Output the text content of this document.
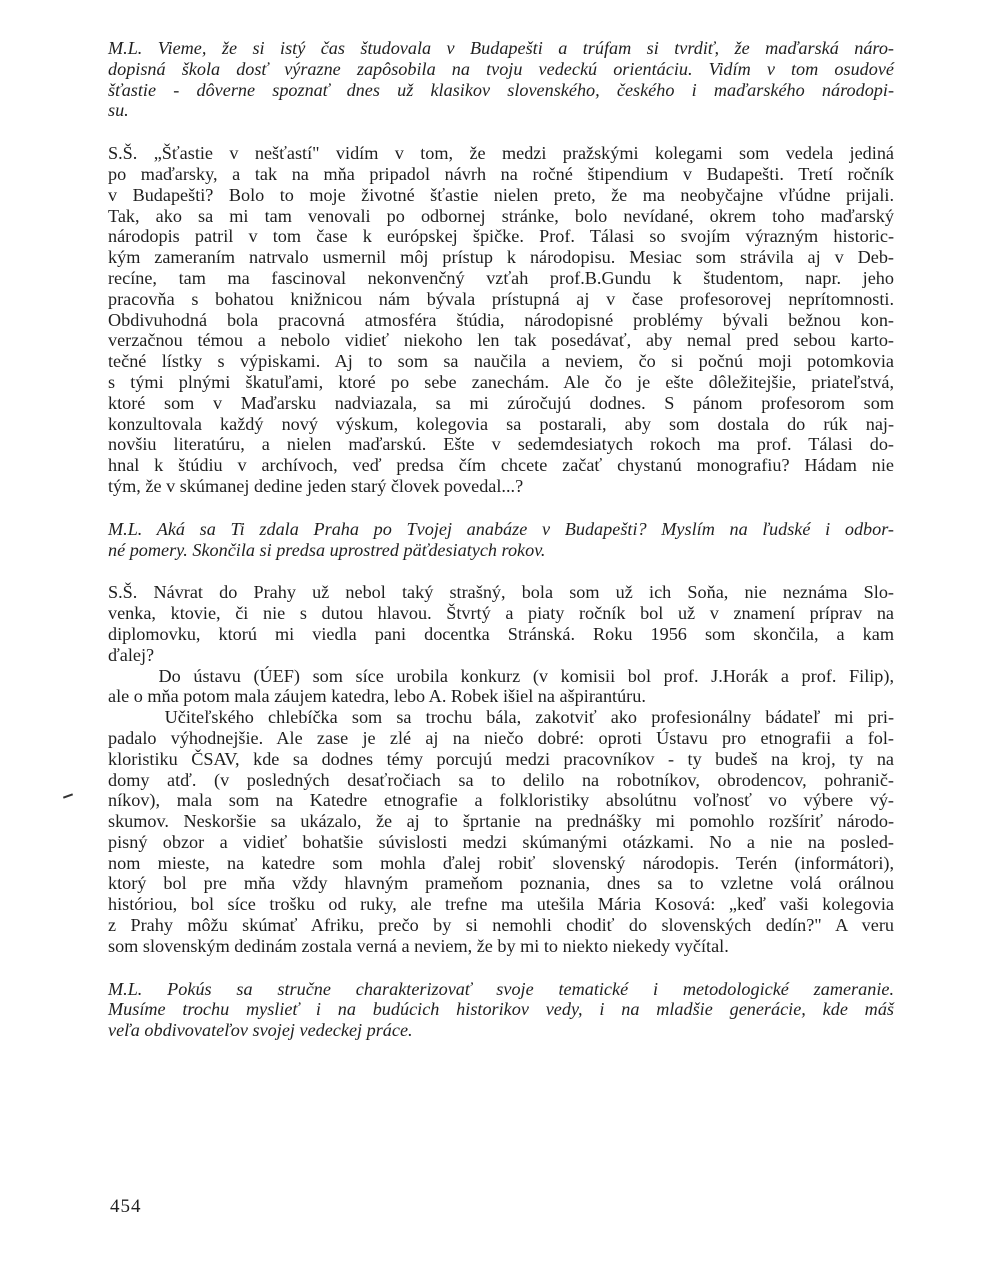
M.L. Vieme, že si istý čas študovala v Budapešti a trúfam si tvrdiť, že maďarská náro-
dopisná škola dosť výrazne zapôsobila na tvoju vedeckú orientáciu. Vidím v tom osudové
šťastie - dôverne spoznať dnes už klasikov slovenského, českého i maďarského národopi-
su.
S.Š. „Šťastie v nešťastí" vidím v tom, že medzi pražskými kolegami som vedela jediná
po maďarsky, a tak na mňa pripadol návrh na ročné štipendium v Budapešti. Tretí ročník
v Budapešti? Bolo to moje životné šťastie nielen preto, že ma neobyčajne vľúdne prijali.
Tak, ako sa mi tam venovali po odbornej stránke, bolo nevídané, okrem toho maďarský
národopis patril v tom čase k európskej špičke. Prof. Tálasi so svojím výrazným historic-
kým zameraním natrvalo usmernil môj prístup k národopisu. Mesiac som strávila aj v Deb-
recíne, tam ma fascinoval nekonvenčný vzťah prof.B.Gundu k študentom, napr. jeho
pracovňa s bohatou knižnicou nám bývala prístupná aj v čase profesorovej neprítomnosti.
Obdivuhodná bola pracovná atmosféra štúdia, národopisné problémy bývali bežnou kon-
verzačnou témou a nebolo vidieť niekoho len tak posedávať, aby nemal pred sebou karto-
tečné lístky s výpiskami. Aj to som sa naučila a neviem, čo si počnú moji potomkovia
s tými plnými škatuľami, ktoré po sebe zanechám. Ale čo je ešte dôležitejšie, priateľstvá,
ktoré som v Maďarsku nadviazala, sa mi zúročujú dodnes. S pánom profesorom som
konzultovala každý nový výskum, kolegovia sa postarali, aby som dostala do rúk naj-
novšiu literatúru, a nielen maďarskú. Ešte v sedemdesiatych rokoch ma prof. Tálasi do-
hnal k štúdiu v archívoch, veď predsa čím chcete začať chystanú monografiu? Hádam nie
tým, že v skúmanej dedine jeden starý človek povedal...?
M.L. Aká sa Ti zdala Praha po Tvojej anabáze v Budapešti? Myslím na ľudské i odbor-
né pomery. Skončila si predsa uprostred päťdesiatych rokov.
S.Š. Návrat do Prahy už nebol taký strašný, bola som už ich Soňa, nie neznáma Slo-
venka, ktovie, či nie s dutou hlavou. Štvrtý a piaty ročník bol už v znamení príprav na
diplomovku, ktorú mi viedla pani docentka Stránská. Roku 1956 som skončila, a kam
ďalej?
Do ústavu (ÚEF) som síce urobila konkurz (v komisii bol prof. J.Horák a prof. Filip),
ale o mňa potom mala záujem katedra, lebo A. Robek išiel na ašpirantúru.
Učiteľského chlebíčka som sa trochu bála, zakotviť ako profesionálny bádateľ mi pri-
padalo výhodnejšie. Ale zase je zlé aj na niečo dobré: oproti Ústavu pro etnografii a fol-
kloristiku ČSAV, kde sa dodnes témy porcujú medzi pracovníkov - ty budeš na kroj, ty na
domy atď. (v posledných desaťročiach sa to delilo na robotníkov, obrodencov, pohranič-
níkov), mala som na Katedre etnografie a folkloristiky absolútnu voľnosť vo výbere vý-
skumov. Neskoršie sa ukázalo, že aj to šprtanie na prednášky mi pomohlo rozšíriť národo-
pisný obzor a vidieť bohatšie súvislosti medzi skúmanými otázkami. No a nie na posled-
nom mieste, na katedre som mohla ďalej robiť slovenský národopis. Terén (informátori),
ktorý bol pre mňa vždy hlavným prameňom poznania, dnes sa to vzletne volá orálnou
históriou, bol síce trošku od ruky, ale trefne ma utešila Mária Kosová: „keď vaši kolegovia
z Prahy môžu skúmať Afriku, prečo by si nemohli chodiť do slovenských dedín?" A veru
som slovenským dedinám zostala verná a neviem, že by mi to niekto niekedy vyčítal.
M.L. Pokús sa stručne charakterizovať svoje tematické i metodologické zameranie.
Musíme trochu myslieť i na budúcich historikov vedy, i na mladšie generácie, kde máš
veľa obdivovateľov svojej vedeckej práce.
454
